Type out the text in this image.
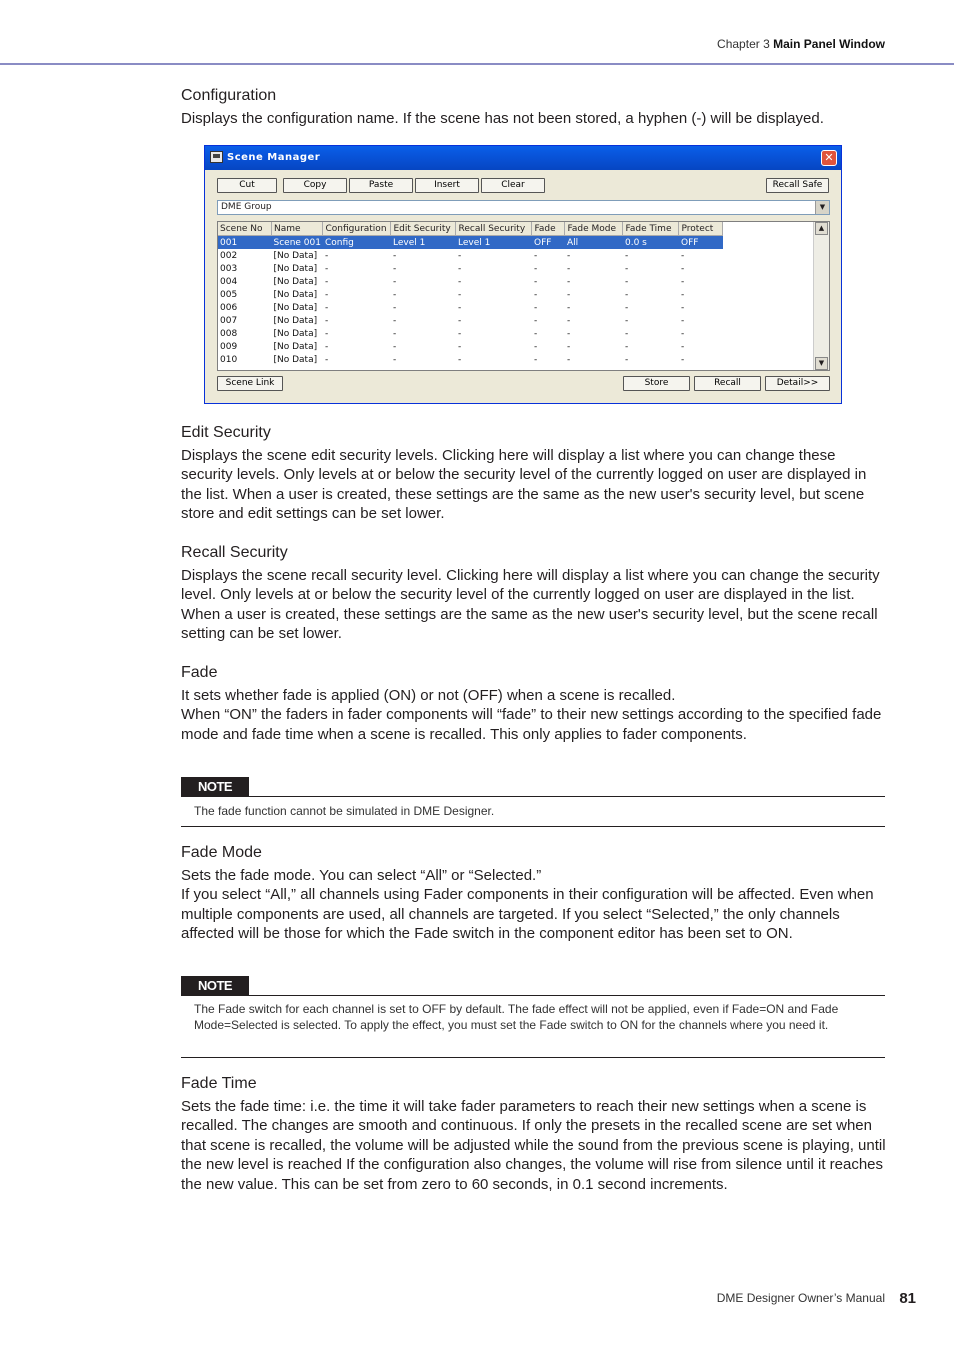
Chapter 3 Main Panel Window
Configuration

Displays the configuration name. If the scene has not been stored, a hyphen (-) will be displayed.

Scene Manager	✕
Cut	Copy	Paste	Insert	Clear	Recall Safe
DME Group	▼
Scene No	Name	Configuration	Edit Security	Recall Security	Fade	Fade Mode	Fade Time	Protect
001	Scene 001	Config	Level 1	Level 1	OFF	All	0.0 s	OFF
002	[No Data]	-	-	-	-	-	-	-
003	[No Data]	-	-	-	-	-	-	-
004	[No Data]	-	-	-	-	-	-	-
005	[No Data]	-	-	-	-	-	-	-
006	[No Data]	-	-	-	-	-	-	-
007	[No Data]	-	-	-	-	-	-	-
008	[No Data]	-	-	-	-	-	-	-
009	[No Data]	-	-	-	-	-	-	-
010	[No Data]	-	-	-	-	-	-	-
▲
▼
Scene Link	Store	Recall	Detail>>
Edit Security

Displays the scene edit security levels. Clicking here will display a list where you can change these security levels. Only levels at or below the security level of the currently logged on user are displayed in the list. When a user is created, these settings are the same as the new user's security level, but scene store and edit settings can be set lower.

Recall Security

Displays the scene recall security level. Clicking here will display a list where you can change the security level. Only levels at or below the security level of the currently logged on user are displayed in the list. When a user is created, these settings are the same as the new user's security level, but the scene recall setting can be set lower.

Fade

It sets whether fade is applied (ON) or not (OFF) when a scene is recalled.

When “ON” the faders in fader components will “fade” to their new settings according to the specified fade mode and fade time when a scene is recalled. This only applies to fader components.

NOTE
The fade function cannot be simulated in DME Designer.
Fade Mode

Sets the fade mode. You can select “All” or “Selected.”

If you select “All,” all channels using Fader components in their configuration will be affected. Even when multiple components are used, all channels are targeted. If you select “Selected,” the only channels affected will be those for which the Fade switch in the component editor has been set to ON.

NOTE
The Fade switch for each channel is set to OFF by default. The fade effect will not be applied, even if Fade=ON and Fade Mode=Selected is selected. To apply the effect, you must set the Fade switch to ON for the channels where you need it.
Fade Time

Sets the fade time: i.e. the time it will take fader parameters to reach their new settings when a scene is recalled. The changes are smooth and continuous. If only the presets in the recalled scene are set when that scene is recalled, the volume will be adjusted while the sound from the previous scene is playing, until the new level is reached If the configuration also changes, the volume will rise from silence until it reaches the new value. This can be set from zero to 60 seconds, in 0.1 second increments.

DME Designer Owner’s Manual 81
